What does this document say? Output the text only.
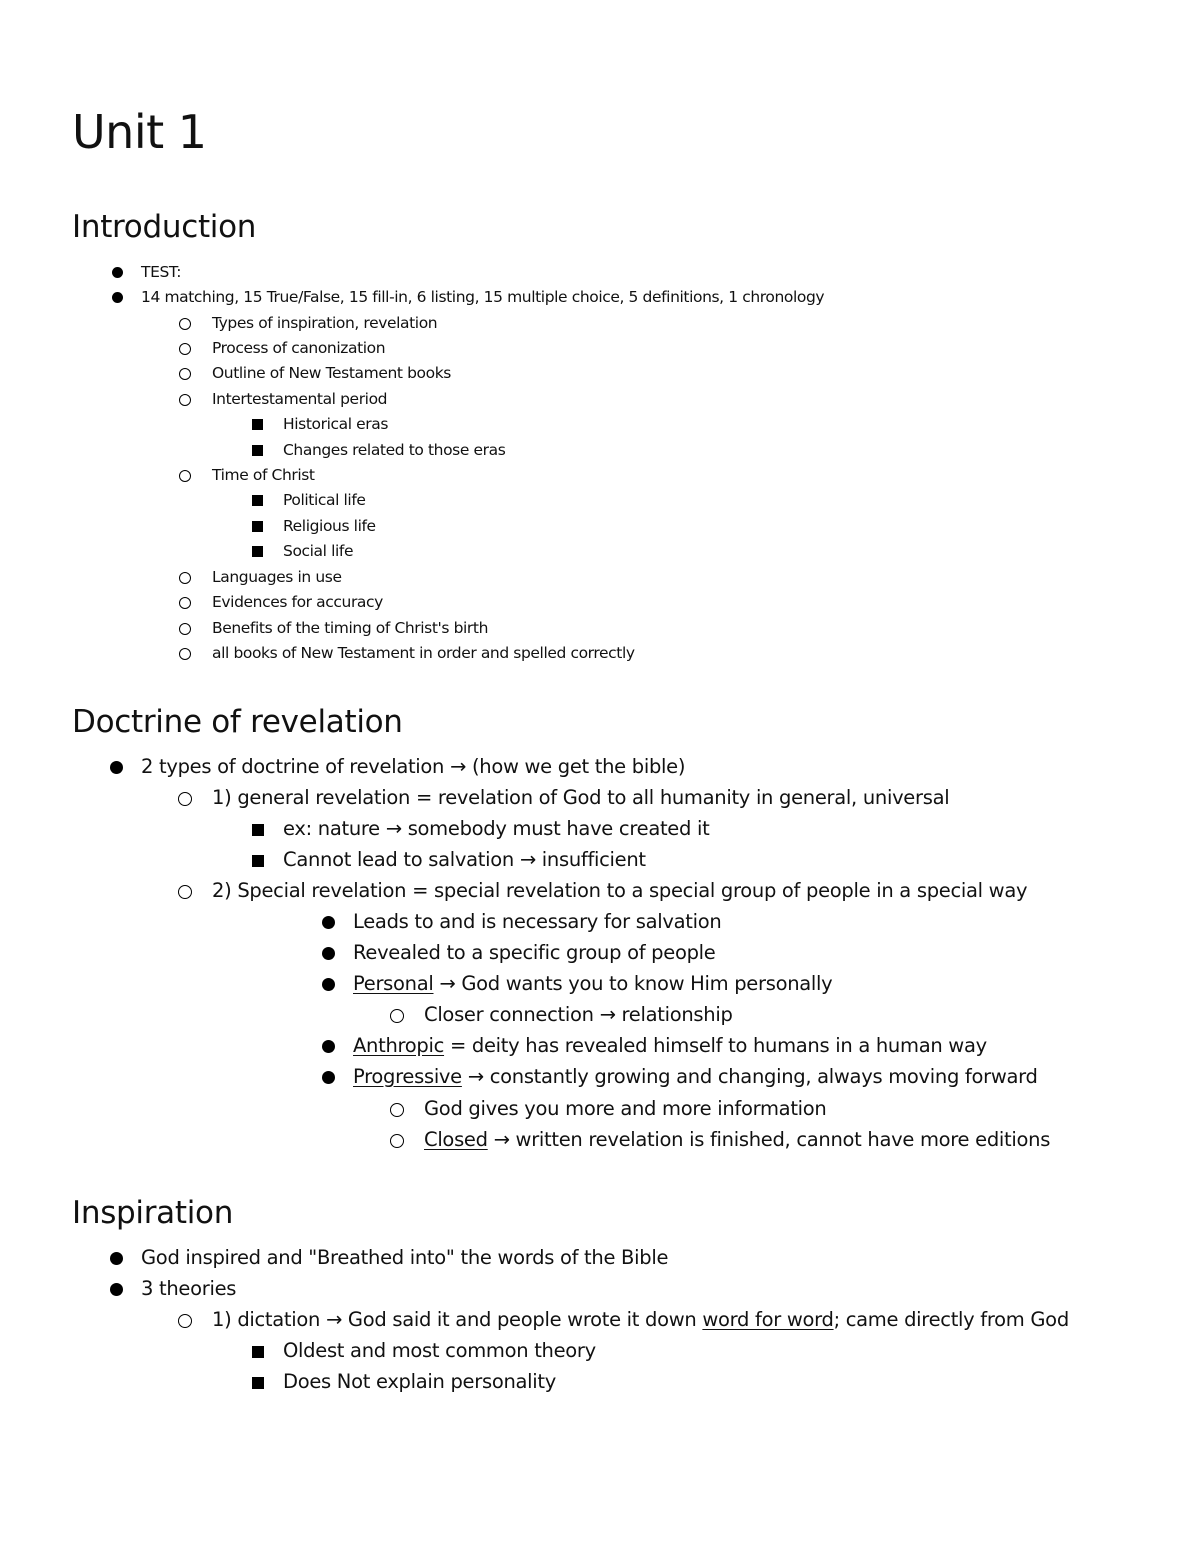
Unit 1
Introduction
TEST:
14 matching, 15 True/False, 15 fill-in, 6 listing, 15 multiple choice, 5 definitions, 1 chronology
Types of inspiration, revelation
Process of canonization
Outline of New Testament books
Intertestamental period
Historical eras
Changes related to those eras
Time of Christ
Political life
Religious life
Social life
Languages in use
Evidences for accuracy
Benefits of the timing of Christ's birth
all books of New Testament in order and spelled correctly
Doctrine of revelation
2 types of doctrine of revelation → (how we get the bible)
1) general revelation = revelation of God to all humanity in general, universal
ex: nature → somebody must have created it
Cannot lead to salvation → insufficient
2) Special revelation = special revelation to a special group of people in a special way
Leads to and is necessary for salvation
Revealed to a specific group of people
Personal → God wants you to know Him personally
Closer connection → relationship
Anthropic = deity has revealed himself to humans in a human way
Progressive → constantly growing and changing, always moving forward
God gives you more and more information
Closed → written revelation is finished, cannot have more editions
Inspiration
God inspired and "Breathed into" the words of the Bible
3 theories
1) dictation → God said it and people wrote it down word for word; came directly from God
Oldest and most common theory
Does Not explain personality
